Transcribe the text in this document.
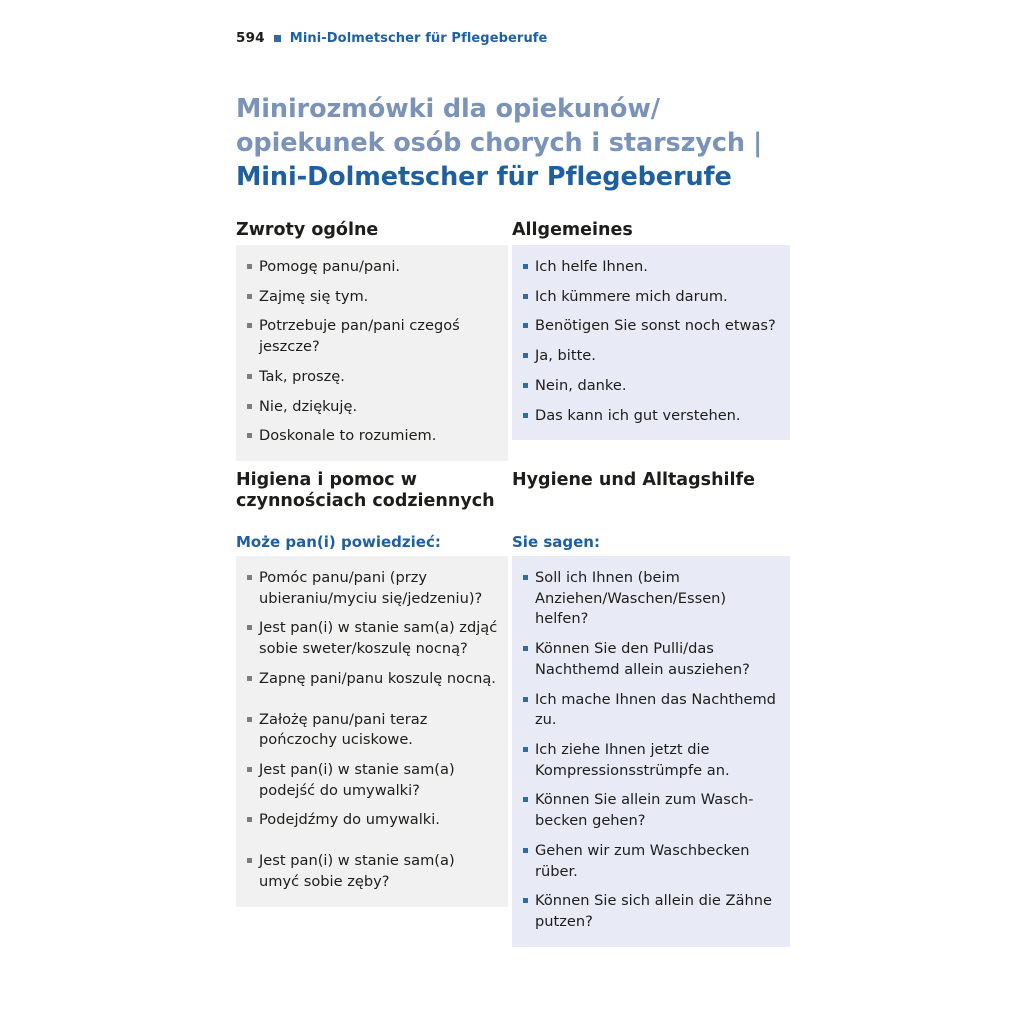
594 Mini-Dolmetscher für Pflegeberufe
Minirozmówki dla opiekunów/
opiekunek osób chorych i starszych |
Mini-Dolmetscher für Pflegeberufe
Zwroty ogólne	Allgemeines
Pomogę panu/pani.
Zajmę się tym.
Potrzebuje pan/pani czegoś jeszcze?
Tak, proszę.
Nie, dziękuję.
Doskonale to rozumiem.
Ich helfe Ihnen.
Ich kümmere mich darum.
Benötigen Sie sonst noch etwas?
Ja, bitte.
Nein, danke.
Das kann ich gut verstehen.
Higiena i pomoc w czynnościach codziennych
Hygiene und Alltagshilfe
Może pan(i) powiedzieć:	Sie sagen:
Pomóc panu/pani (przy ubieraniu/myciu się/jedzeniu)?
Jest pan(i) w stanie sam(a) zdjąć sobie sweter/koszulę nocną?
Zapnę pani/panu koszulę nocną.
Założę panu/pani teraz pończochy uciskowe.
Jest pan(i) w stanie sam(a) podejść do umywalki?
Podejdźmy do umywalki.
Jest pan(i) w stanie sam(a) umyć sobie zęby?
Soll ich Ihnen (beim Anziehen/Waschen/Essen) helfen?
Können Sie den Pulli/das Nachthemd allein ausziehen?
Ich mache Ihnen das Nachthemd zu.
Ich ziehe Ihnen jetzt die Kompressionsstrümpfe an.
Können Sie allein zum Wasch-becken gehen?
Gehen wir zum Waschbecken rüber.
Können Sie sich allein die Zähne putzen?
